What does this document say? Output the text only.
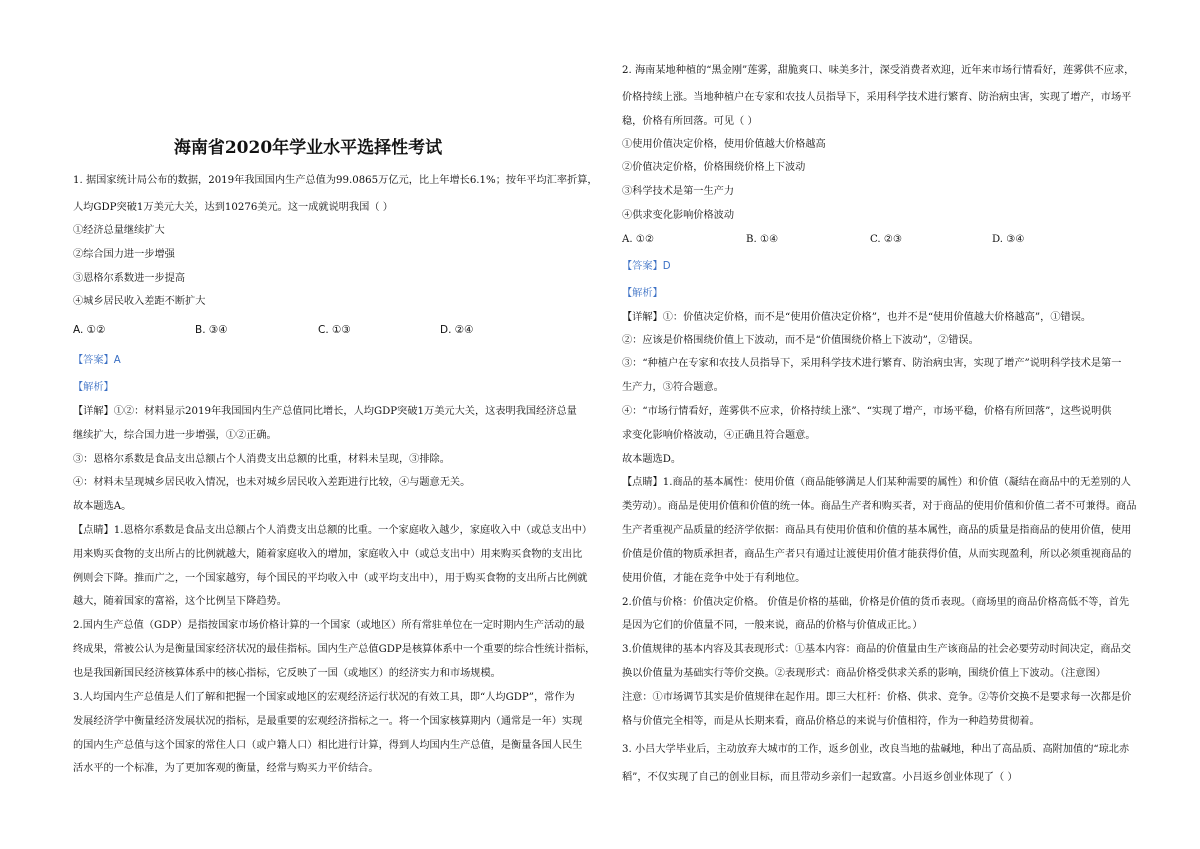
海南省2020年学业水平选择性考试
1. 据国家统计局公布的数据，2019年我国国内生产总值为99.0865万亿元，比上年增长6.1%；按年平均汇率折算，
人均GDP突破1万美元大关，达到10276美元。这一成就说明我国（ ）
①经济总量继续扩大
②综合国力进一步增强
③恩格尔系数进一步提高
④城乡居民收入差距不断扩大
A. ①②	B. ③④	C. ①③	D. ②④
【答案】A
【解析】
【详解】①②：材料显示2019年我国国内生产总值同比增长，人均GDP突破1万美元大关，这表明我国经济总量
继续扩大，综合国力进一步增强，①②正确。
③：恩格尔系数是食品支出总额占个人消费支出总额的比重，材料未呈现，③排除。
④：材料未呈现城乡居民收入情况，也未对城乡居民收入差距进行比较，④与题意无关。
故本题选A。
【点睛】1.恩格尔系数是食品支出总额占个人消费支出总额的比重。一个家庭收入越少，家庭收入中（或总支出中）
用来购买食物的支出所占的比例就越大，随着家庭收入的增加，家庭收入中（或总支出中）用来购买食物的支出比
例则会下降。推而广之，一个国家越穷，每个国民的平均收入中（或平均支出中），用于购买食物的支出所占比例就
越大，随着国家的富裕，这个比例呈下降趋势。
2.国内生产总值（GDP）是指按国家市场价格计算的一个国家（或地区）所有常驻单位在一定时期内生产活动的最
终成果，常被公认为是衡量国家经济状况的最佳指标。国内生产总值GDP是核算体系中一个重要的综合性统计指标，
也是我国新国民经济核算体系中的核心指标，它反映了一国（或地区）的经济实力和市场规模。
3.人均国内生产总值是人们了解和把握一个国家或地区的宏观经济运行状况的有效工具，即“人均GDP”，常作为
发展经济学中衡量经济发展状况的指标，是最重要的宏观经济指标之一。将一个国家核算期内（通常是一年）实现
的国内生产总值与这个国家的常住人口（或户籍人口）相比进行计算，得到人均国内生产总值，是衡量各国人民生
活水平的一个标准，为了更加客观的衡量，经常与购买力平价结合。
2. 海南某地种植的“黑金刚”莲雾，甜脆爽口、味美多汁，深受消费者欢迎，近年来市场行情看好，莲雾供不应求，
价格持续上涨。当地种植户在专家和农技人员指导下，采用科学技术进行繁育、防治病虫害，实现了增产，市场平
稳，价格有所回落。可见（ ）
①使用价值决定价格，使用价值越大价格越高
②价值决定价格，价格围绕价格上下波动
③科学技术是第一生产力
④供求变化影响价格波动
A. ①②	B. ①④	C. ②③	D. ③④
【答案】D
【解析】
【详解】①：价值决定价格，而不是“使用价值决定价格”，也并不是“使用价值越大价格越高”，①错误。
②：应该是价格围绕价值上下波动，而不是“价值围绕价格上下波动”，②错误。
③：“种植户在专家和农技人员指导下，采用科学技术进行繁育、防治病虫害，实现了增产”说明科学技术是第一
生产力，③符合题意。
④：“市场行情看好，莲雾供不应求，价格持续上涨”、“实现了增产，市场平稳，价格有所回落”，这些说明供
求变化影响价格波动，④正确且符合题意。
故本题选D。
【点睛】1.商品的基本属性：使用价值（商品能够满足人们某种需要的属性）和价值（凝结在商品中的无差别的人
类劳动）。商品是使用价值和价值的统一体。商品生产者和购买者，对于商品的使用价值和价值二者不可兼得。商品
生产者重视产品质量的经济学依据：商品具有使用价值和价值的基本属性，商品的质量是指商品的使用价值，使用
价值是价值的物质承担者，商品生产者只有通过让渡使用价值才能获得价值，从而实现盈利，所以必须重视商品的
使用价值，才能在竞争中处于有利地位。
2.价值与价格：价值决定价格。 价值是价格的基础，价格是价值的货币表现。（商场里的商品价格高低不等，首先
是因为它们的价值量不同，一般来说，商品的价格与价值成正比。）
3.价值规律的基本内容及其表现形式：①基本内容：商品的价值量由生产该商品的社会必要劳动时间决定，商品交
换以价值量为基础实行等价交换。②表现形式：商品价格受供求关系的影响，围绕价值上下波动。（注意图）
注意：①市场调节其实是价值规律在起作用。即三大杠杆：价格、供求、竞争。②等价交换不是要求每一次都是价
格与价值完全相等，而是从长期来看，商品价格总的来说与价值相符，作为一种趋势贯彻着。
3. 小吕大学毕业后，主动放弃大城市的工作，返乡创业，改良当地的盐碱地，种出了高品质、高附加值的“琼北赤
稻”，不仅实现了自己的创业目标，而且带动乡亲们一起致富。小吕返乡创业体现了（ ）
